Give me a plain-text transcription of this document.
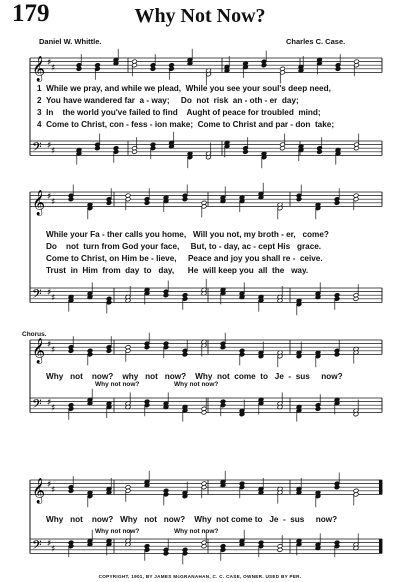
179	Why Not Now?
Daniel W. Whittle.	Charles C. Case.
𝄞 ♯
♯
𝄢 ♯
♯
𝄞 ♯
♯
𝄢 ♯
♯
𝄞 ♯
♯
𝄢 ♯
♯
𝄞 ♯
♯
𝄢 ♯
♯
1  While we pray, and while we plead,  While you see your soul's deep need,
2  You have wandered far  a - way;     Do  not  risk  an - oth - er  day;
3  In    the world you've failed to find    Aught of peace for troubled  mind;
4  Come to Christ, con - fess - ion make;  Come to Christ and par - don  take;
While your Fa - ther calls you home,   Will you not, my broth - er,   come?
Do    not  turn from God your face,     But, to - day, ac - cept His   grace.
Come to Christ, on Him be - lieve,     Peace and joy you shall re -  ceive.
Trust  in  Him  from  day  to   day,      He  will keep you  all  the   way.
Chorus.
Why   not    now?    why   not   now?    Why  not  come  to   Je  -  sus     now?
Why not now?	Why not now?
Why   not    now?   Why   not   now?    Why  not come to   Je  -  sus     now?
Why not now?	Why not now?
COPYRIGHT, 1901, BY JAMES McGRANAHAN, C. C. CASE, OWNER. USED BY PER.
